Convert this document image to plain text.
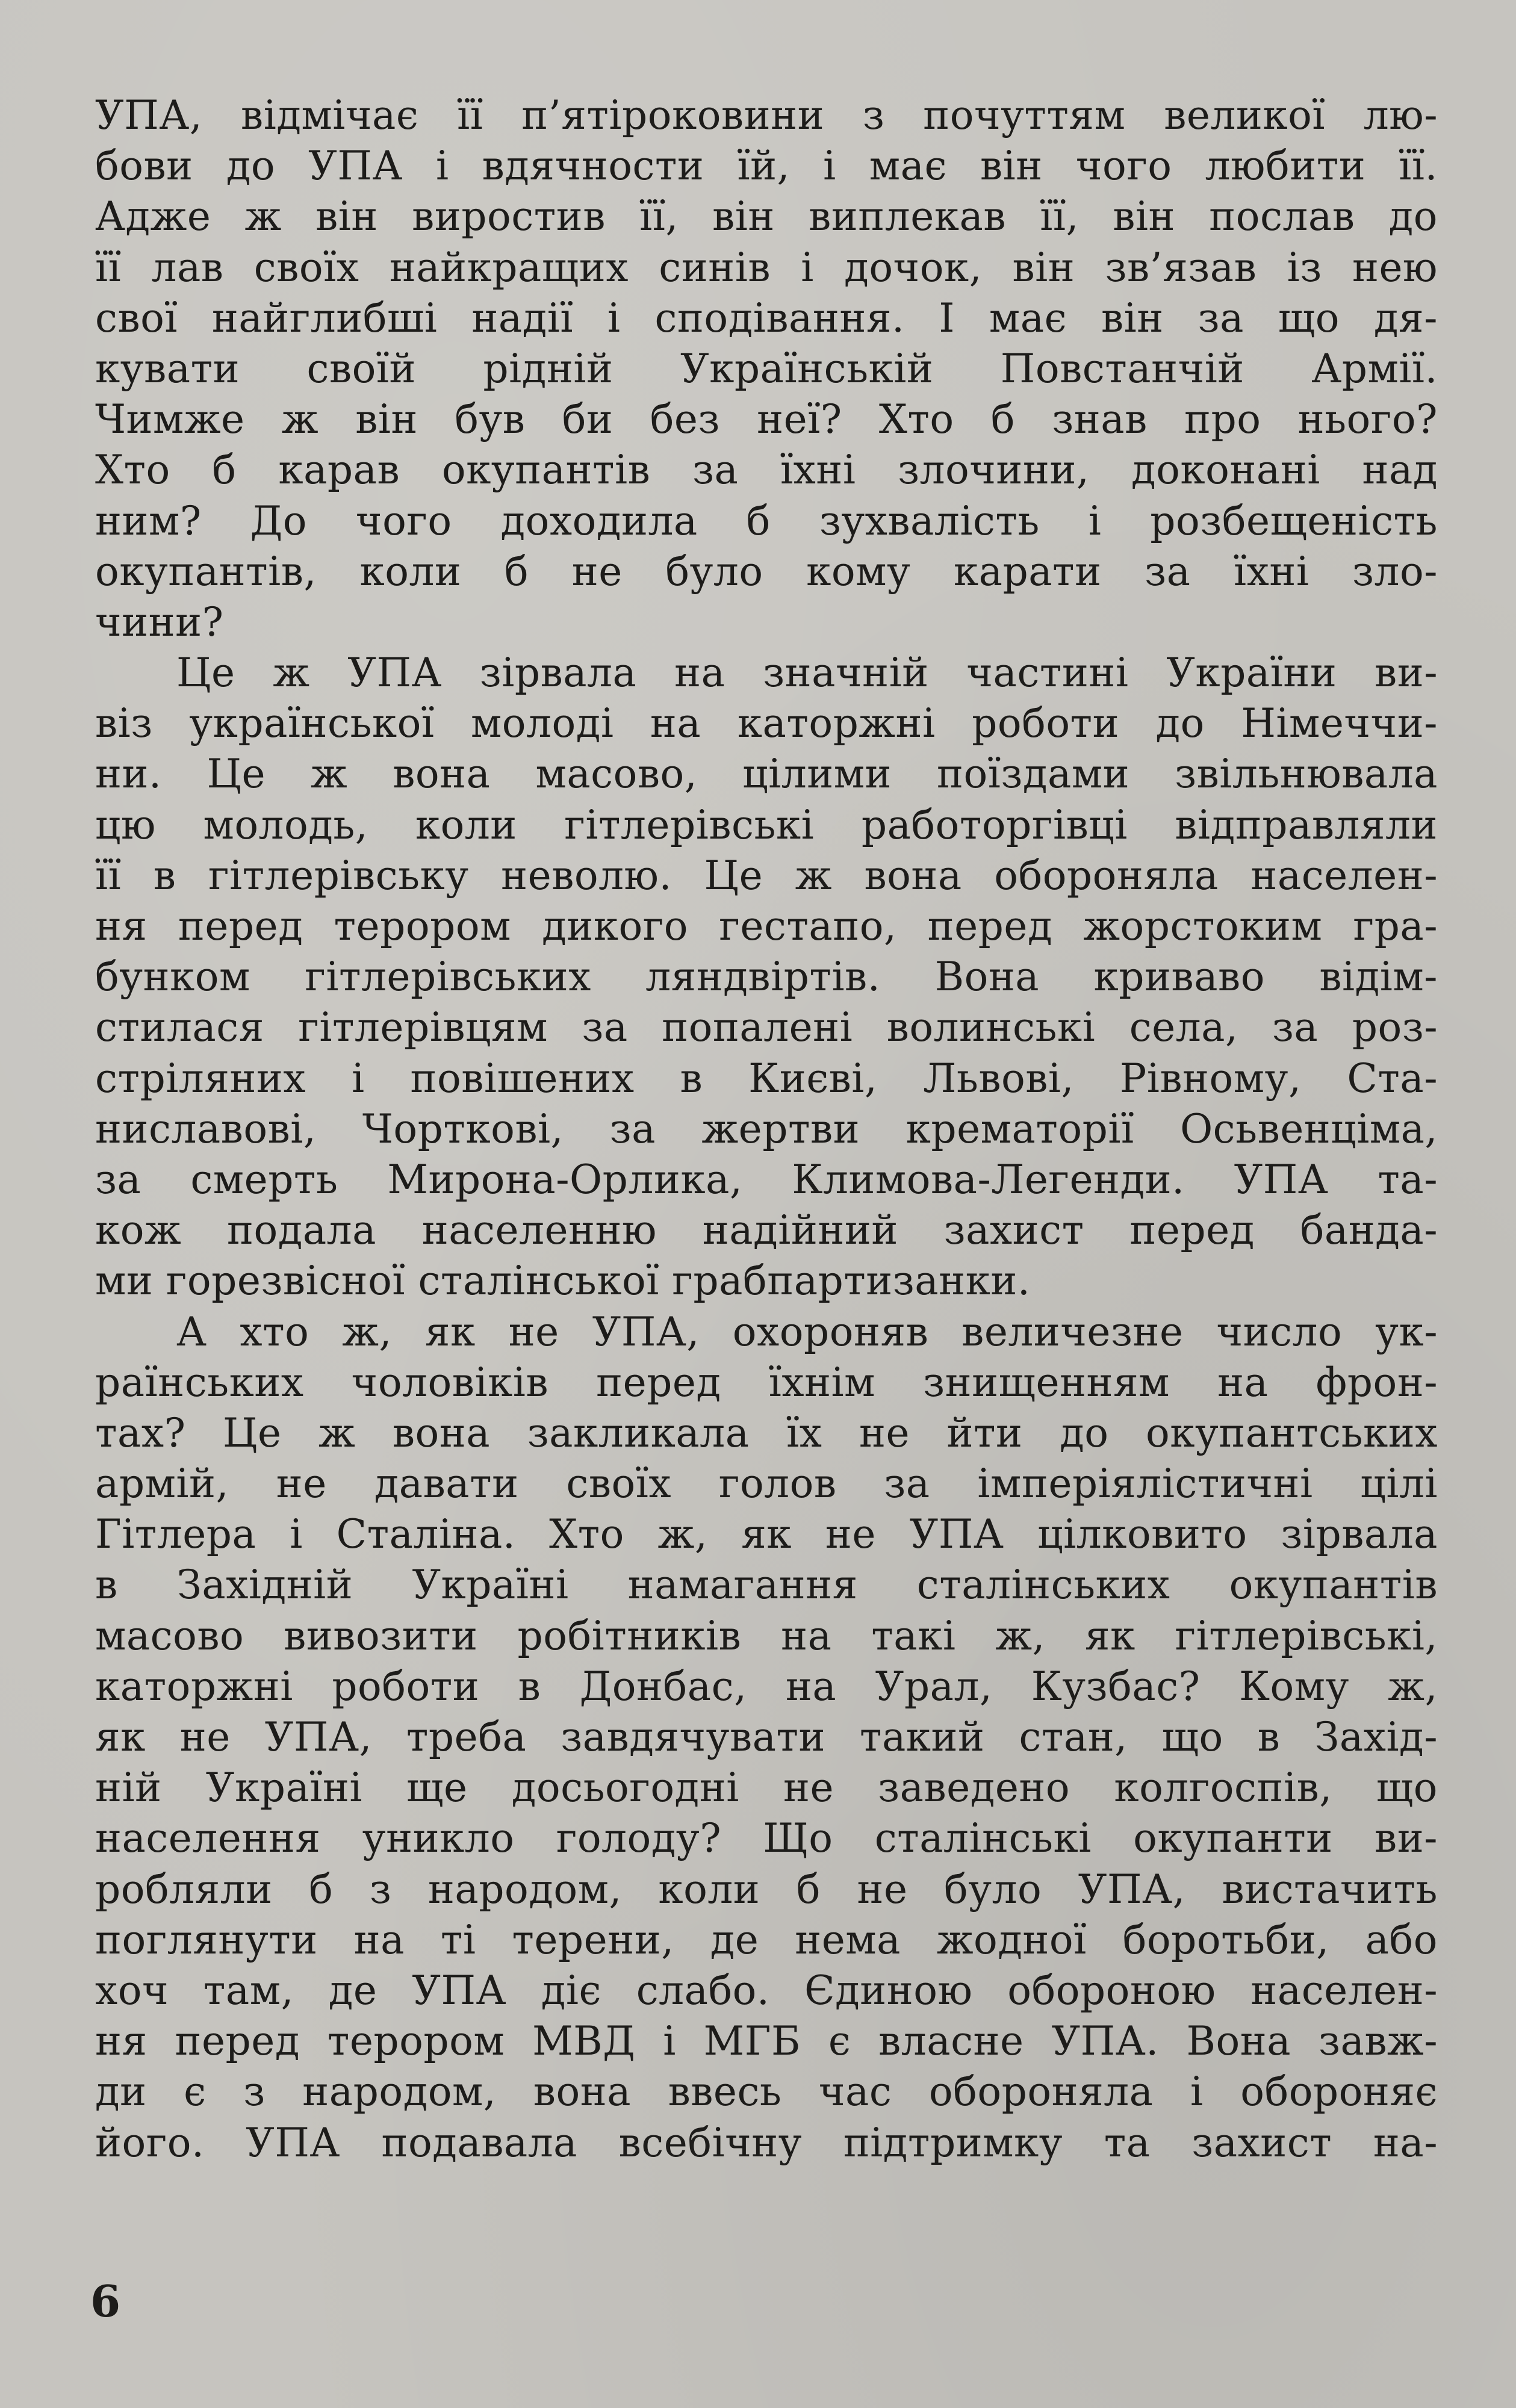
УПА, відмічає її п’ятіроковини з почуттям великої лю-
бови до УПА і вдячности їй, і має він чого любити її.
Адже ж він виростив її, він виплекав її, він послав до
її лав своїх найкращих синів і дочок, він зв’язав із нею
свої найглибші надії і сподівання. І має він за що дя-
кувати своїй рідній Українській Повстанчій Армії.
Чимже ж він був би без неї? Хто б знав про нього?
Хто б карав окупантів за їхні злочини, доконані над
ним? До чого доходила б зухвалість і розбещеність
окупантів, коли б не було кому карати за їхні зло-
чини?
Це ж УПА зірвала на значній частині України ви-
віз української молоді на каторжні роботи до Німеччи-
ни. Це ж вона масово, цілими поїздами звільнювала
цю молодь, коли гітлерівські работоргівці відправляли
її в гітлерівську неволю. Це ж вона обороняла населен-
ня перед терором дикого гестапо, перед жорстоким гра-
бунком гітлерівських ляндвіртів. Вона криваво відім-
стилася гітлерівцям за попалені волинські села, за роз-
стріляних і повішених в Києві, Львові, Рівному, Ста-
ниславові, Чорткові, за жертви крематорії Осьвенціма,
за смерть Мирона-Орлика, Климова-Легенди. УПА та-
кож подала населенню надійний захист перед банда-
ми горезвісної сталінської грабпартизанки.
А хто ж, як не УПА, охороняв величезне число ук-
раїнських чоловіків перед їхнім знищенням на фрон-
тах? Це ж вона закликала їх не йти до окупантських
армій, не давати своїх голов за імперіялістичні цілі
Гітлера і Сталіна. Хто ж, як не УПА цілковито зірвала
в Західній Україні намагання сталінських окупантів
масово вивозити робітників на такі ж, як гітлерівські,
каторжні роботи в Донбас, на Урал, Кузбас? Кому ж,
як не УПА, треба завдячувати такий стан, що в Захід-
ній Україні ще досьогодні не заведено колгоспів, що
населення уникло голоду? Що сталінські окупанти ви-
робляли б з народом, коли б не було УПА, вистачить
поглянути на ті терени, де нема жодної боротьби, або
хоч там, де УПА діє слабо. Єдиною обороною населен-
ня перед терором МВД і МГБ є власне УПА. Вона завж-
ди є з народом, вона ввесь час обороняла і обороняє
його. УПА подавала всебічну підтримку та захист на-
6
